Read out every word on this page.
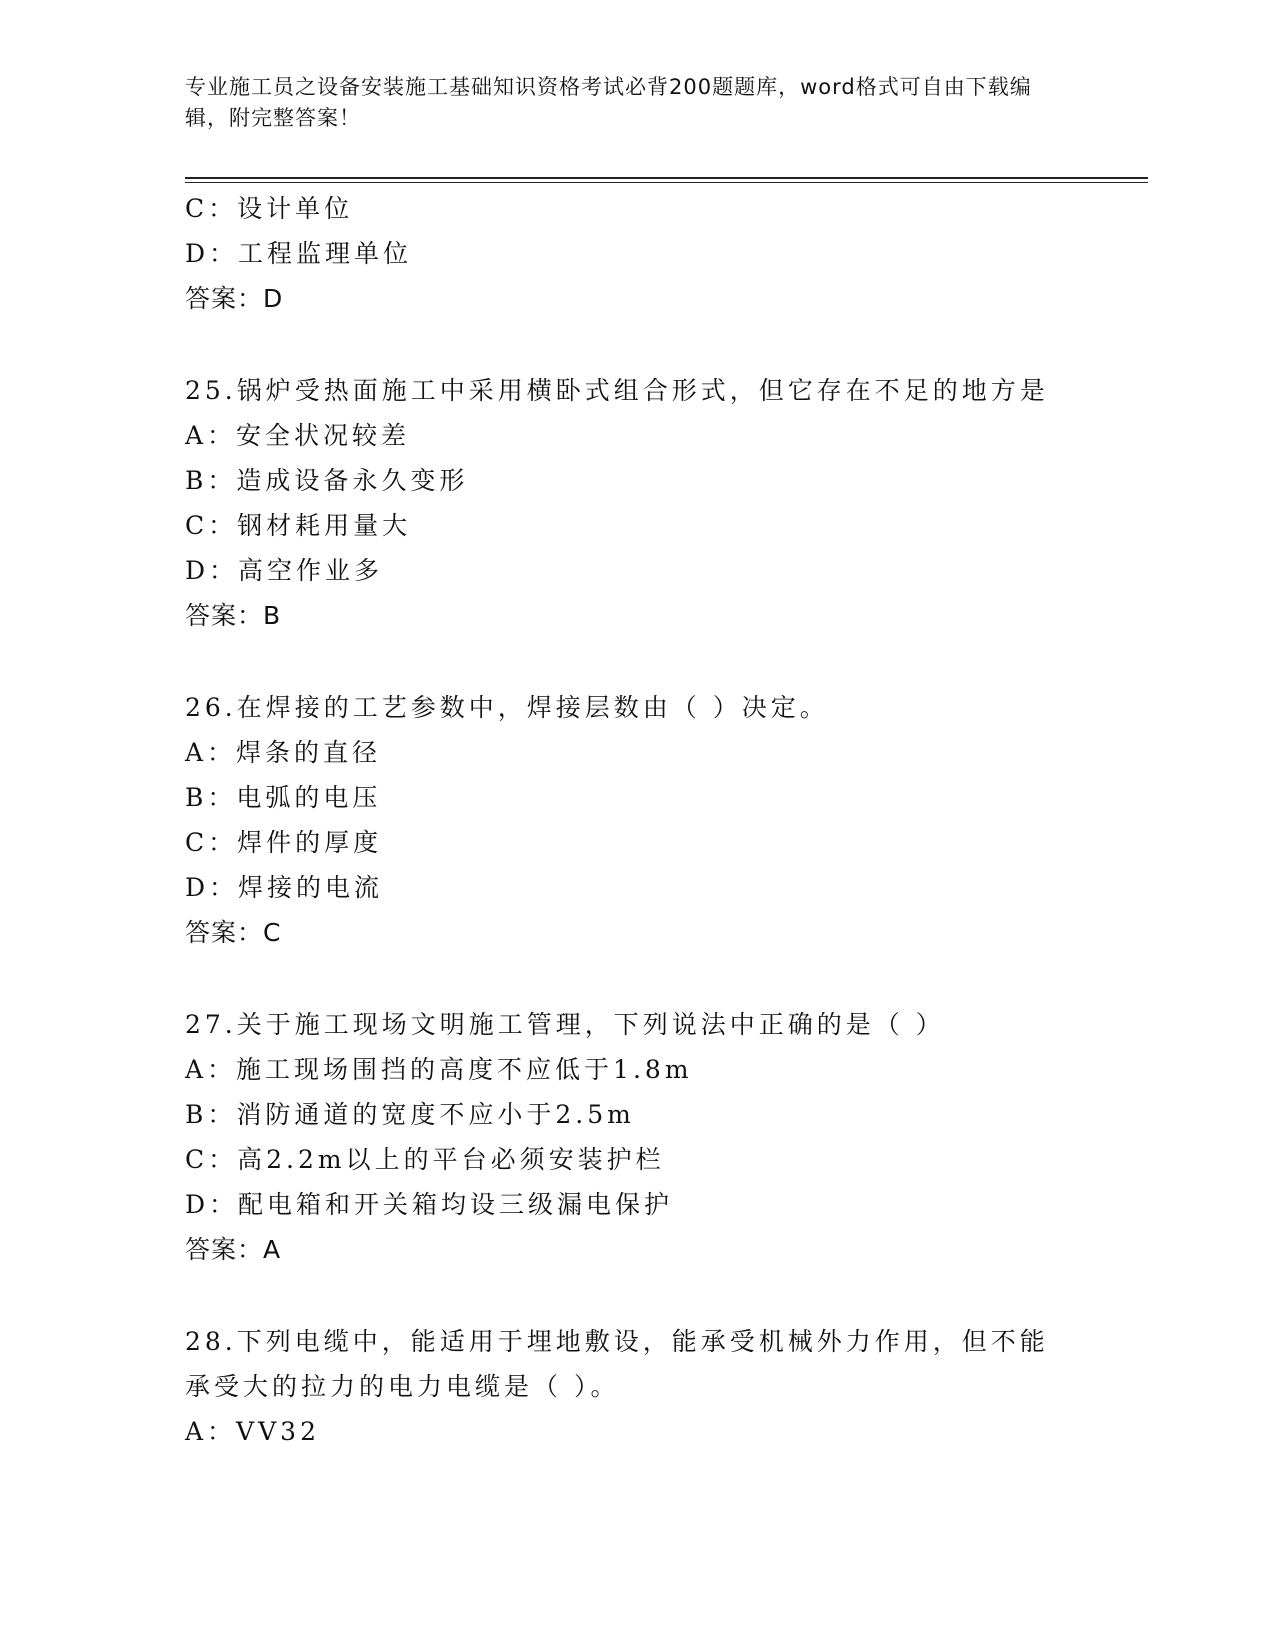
专业施工员之设备安装施工基础知识资格考试必背200题题库，word格式可自由下载编辑，附完整答案！
C：设计单位
D：工程监理单位
答案：D
25.锅炉受热面施工中采用横卧式组合形式，但它存在不足的地方是
A：安全状况较差
B：造成设备永久变形
C：钢材耗用量大
D：高空作业多
答案：B
26.在焊接的工艺参数中，焊接层数由（ ）决定。
A：焊条的直径
B：电弧的电压
C：焊件的厚度
D：焊接的电流
答案：C
27.关于施工现场文明施工管理，下列说法中正确的是（ ）
A：施工现场围挡的高度不应低于1.8m
B：消防通道的宽度不应小于2.5m
C：高2.2m以上的平台必须安装护栏
D：配电箱和开关箱均设三级漏电保护
答案：A
28.下列电缆中，能适用于埋地敷设，能承受机械外力作用，但不能承受大的拉力的电力电缆是（ ）。
A：VV32
